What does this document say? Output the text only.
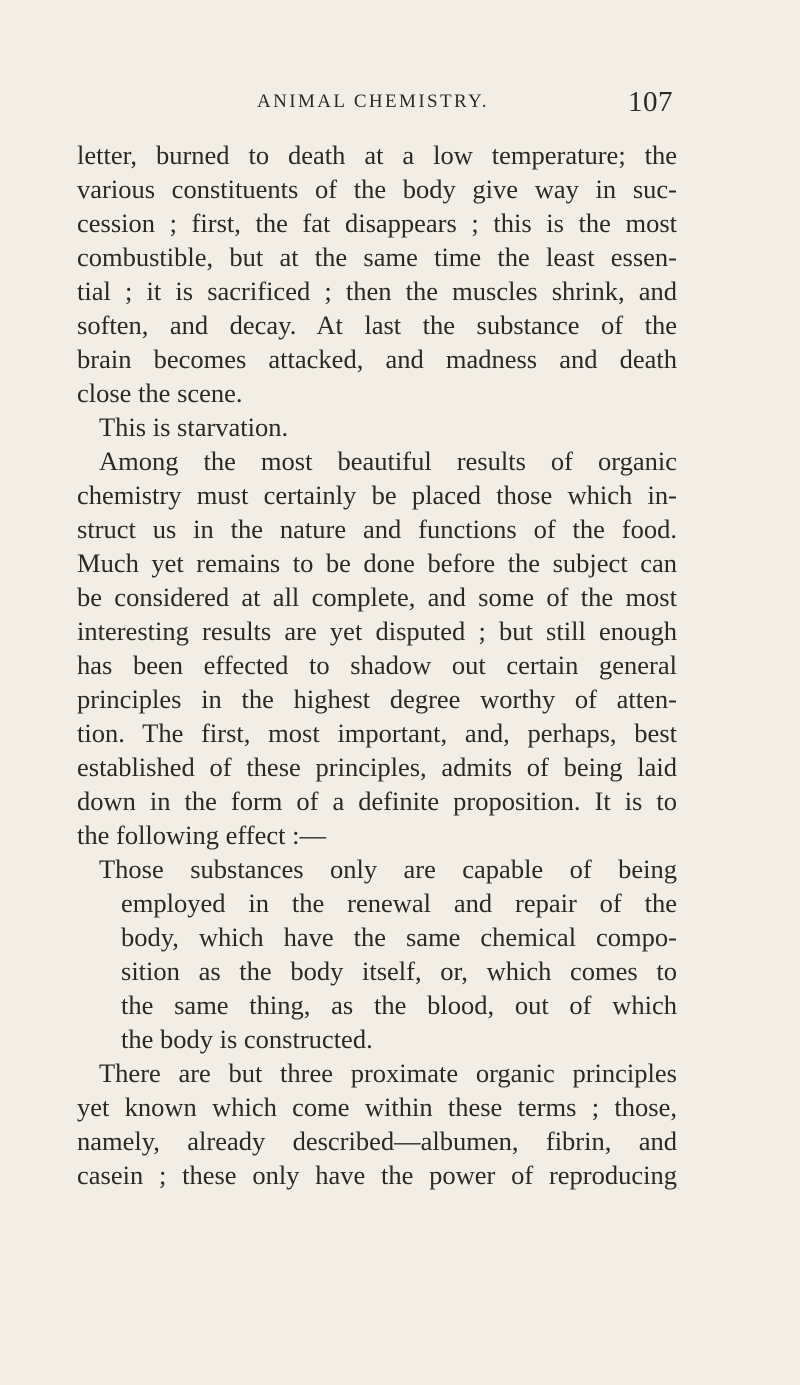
ANIMAL CHEMISTRY.	107
letter, burned to death at a low temperature; the
various constituents of the body give way in suc-
cession ; first, the fat disappears ; this is the most
combustible, but at the same time the least essen-
tial ; it is sacrificed ; then the muscles shrink, and
soften, and decay. At last the substance of the
brain becomes attacked, and madness and death
close the scene.
This is starvation.
Among the most beautiful results of organic
chemistry must certainly be placed those which in-
struct us in the nature and functions of the food.
Much yet remains to be done before the subject can
be considered at all complete, and some of the most
interesting results are yet disputed ; but still enough
has been effected to shadow out certain general
principles in the highest degree worthy of atten-
tion. The first, most important, and, perhaps, best
established of these principles, admits of being laid
down in the form of a definite proposition. It is to
the following effect :—
Those substances only are capable of being
employed in the renewal and repair of the
body, which have the same chemical compo-
sition as the body itself, or, which comes to
the same thing, as the blood, out of which
the body is constructed.
There are but three proximate organic principles
yet known which come within these terms ; those,
namely, already described—albumen, fibrin, and
casein ; these only have the power of reproducing
